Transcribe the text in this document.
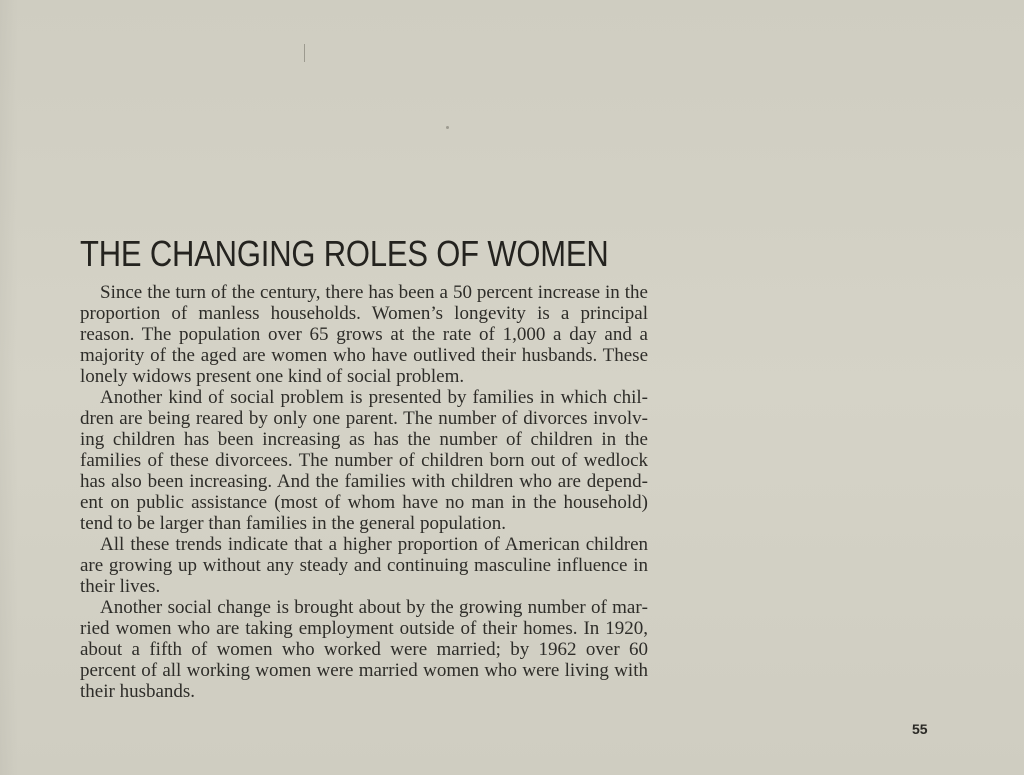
THE CHANGING ROLES OF WOMEN

Since the turn of the century, there has been a 50 percent increase in the proportion of manless households. Women’s longevity is a principal reason. The population over 65 grows at the rate of 1,000 a day and a majority of the aged are women who have outlived their husbands. These lonely widows present one kind of social problem.

Another kind of social problem is presented by families in which children are being reared by only one parent. The number of divorces involving children has been increasing as has the number of children in the families of these divorcees. The number of children born out of wedlock has also been increasing. And the families with children who are dependent on public assistance (most of whom have no man in the household) tend to be larger than families in the general population.

All these trends indicate that a higher proportion of American children are growing up without any steady and continuing masculine influence in their lives.

Another social change is brought about by the growing number of married women who are taking employment outside of their homes. In 1920, about a fifth of women who worked were married; by 1962 over 60 percent of all working women were married women who were living with their husbands.

55
